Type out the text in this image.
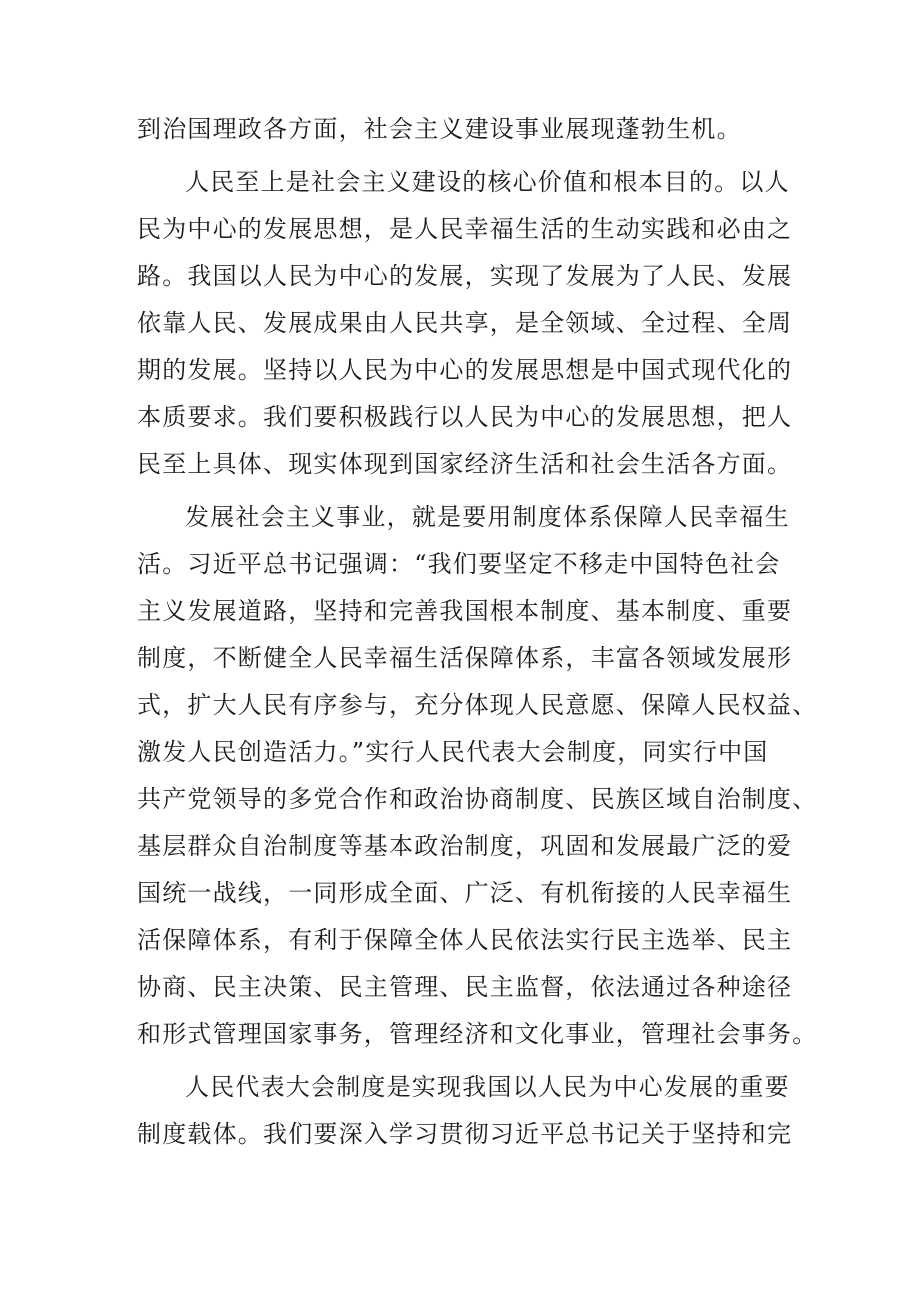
到治国理政各方面，社会主义建设事业展现蓬勃生机。
人民至上是社会主义建设的核心价值和根本目的。以人
民为中心的发展思想，是人民幸福生活的生动实践和必由之
路。我国以人民为中心的发展，实现了发展为了人民、发展
依靠人民、发展成果由人民共享，是全领域、全过程、全周
期的发展。坚持以人民为中心的发展思想是中国式现代化的
本质要求。我们要积极践行以人民为中心的发展思想，把人
民至上具体、现实体现到国家经济生活和社会生活各方面。
发展社会主义事业，就是要用制度体系保障人民幸福生
活。习近平总书记强调：“我们要坚定不移走中国特色社会
主义发展道路，坚持和完善我国根本制度、基本制度、重要
制度，不断健全人民幸福生活保障体系，丰富各领域发展形
式，扩大人民有序参与，充分体现人民意愿、保障人民权益、
激发人民创造活力。”实行人民代表大会制度，同实行中国
共产党领导的多党合作和政治协商制度、民族区域自治制度、
基层群众自治制度等基本政治制度，巩固和发展最广泛的爱
国统一战线，一同形成全面、广泛、有机衔接的人民幸福生
活保障体系，有利于保障全体人民依法实行民主选举、民主
协商、民主决策、民主管理、民主监督，依法通过各种途径
和形式管理国家事务，管理经济和文化事业，管理社会事务。
人民代表大会制度是实现我国以人民为中心发展的重要
制度载体。我们要深入学习贯彻习近平总书记关于坚持和完
